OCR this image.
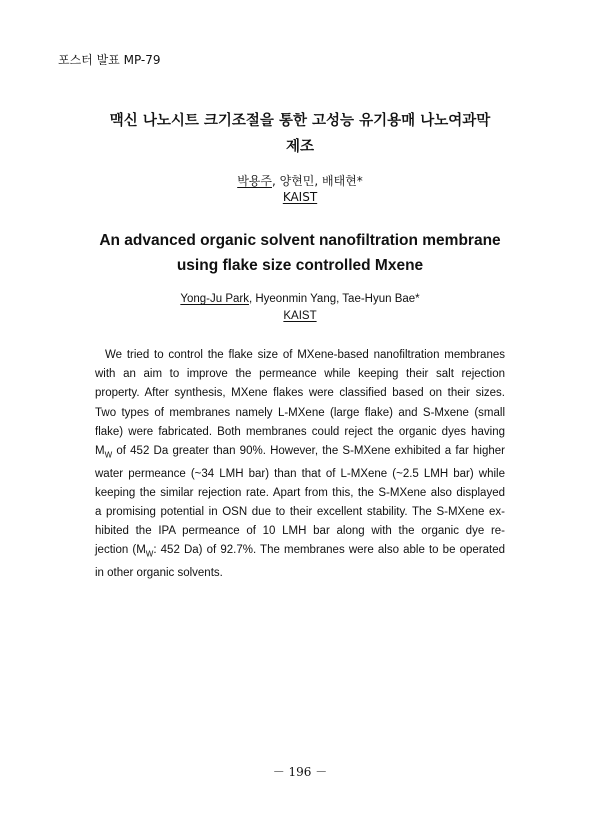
포스터 발표 MP-79
맥신 나노시트 크기조절을 통한 고성능 유기용매 나노여과막
제조
박용주, 양현민, 배태현*
KAIST
An advanced organic solvent nanofiltration membrane
using flake size controlled Mxene
Yong-Ju Park, Hyeonmin Yang, Tae-Hyun Bae*
KAIST
We tried to control the flake size of MXene-based nanofiltration membranes
with an aim to improve the permeance while keeping their salt rejection
property. After synthesis, MXene flakes were classified based on their sizes.
Two types of membranes namely L-MXene (large flake) and S-Mxene (small
flake) were fabricated. Both membranes could reject the organic dyes having
$M_W$ of 452 Da greater than 90%. However, the S-MXene exhibited a far higher
water permeance (~34 LMH bar) than that of L-MXene (~2.5 LMH bar) while
keeping the similar rejection rate. Apart from this, the S-MXene also displayed
a promising potential in OSN due to their excellent stability. The S-MXene ex-
hibited the IPA permeance of 10 LMH bar along with the organic dye re-
jection ($M_W$: 452 Da) of 92.7%. The membranes were also able to be operated
in other organic solvents.
－ 196 －
